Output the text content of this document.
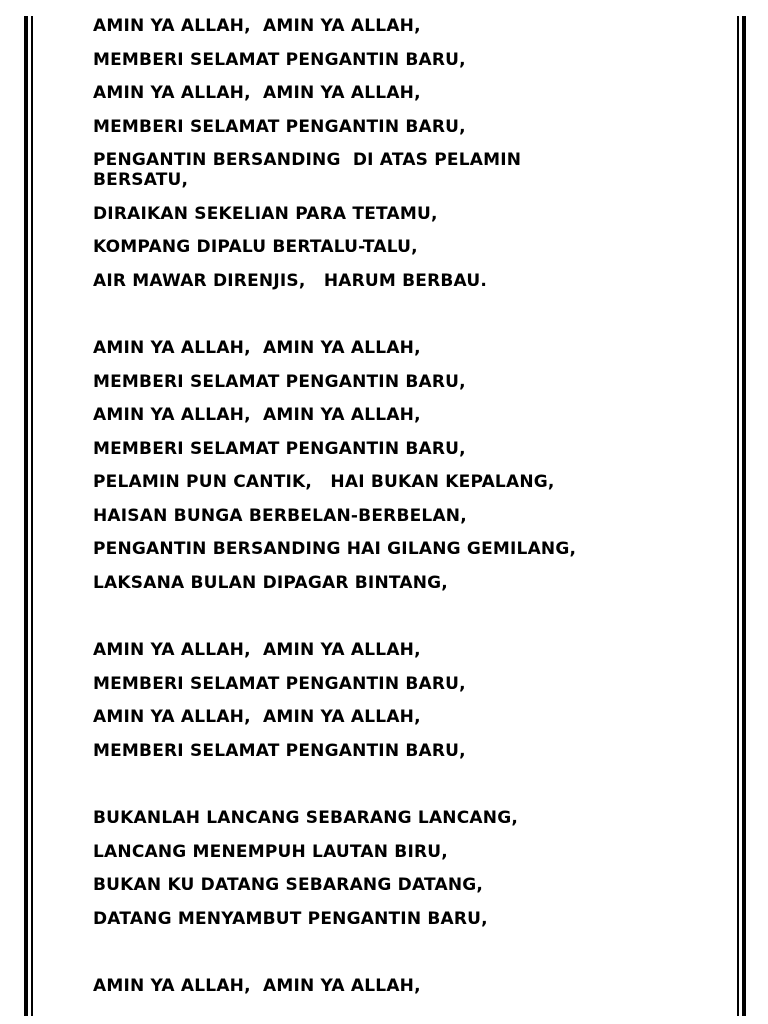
AMIN YA ALLAH,  AMIN YA ALLAH,
MEMBERI SELAMAT PENGANTIN BARU,
AMIN YA ALLAH,  AMIN YA ALLAH,
MEMBERI SELAMAT PENGANTIN BARU,
PENGANTIN BERSANDING  DI ATAS PELAMIN BERSATU,
DIRAIKAN SEKELIAN PARA TETAMU,
KOMPANG DIPALU BERTALU-TALU,
AIR MAWAR DIRENJIS,   HARUM BERBAU.
AMIN YA ALLAH,  AMIN YA ALLAH,
MEMBERI SELAMAT PENGANTIN BARU,
AMIN YA ALLAH,  AMIN YA ALLAH,
MEMBERI SELAMAT PENGANTIN BARU,
PELAMIN PUN CANTIK,   HAI BUKAN KEPALANG,
HAISAN BUNGA BERBELAN-BERBELAN,
PENGANTIN BERSANDING HAI GILANG GEMILANG,
LAKSANA BULAN DIPAGAR BINTANG,
AMIN YA ALLAH,  AMIN YA ALLAH,
MEMBERI SELAMAT PENGANTIN BARU,
AMIN YA ALLAH,  AMIN YA ALLAH,
MEMBERI SELAMAT PENGANTIN BARU,
BUKANLAH LANCANG SEBARANG LANCANG,
LANCANG MENEMPUH LAUTAN BIRU,
BUKAN KU DATANG SEBARANG DATANG,
DATANG MENYAMBUT PENGANTIN BARU,
AMIN YA ALLAH,  AMIN YA ALLAH,
